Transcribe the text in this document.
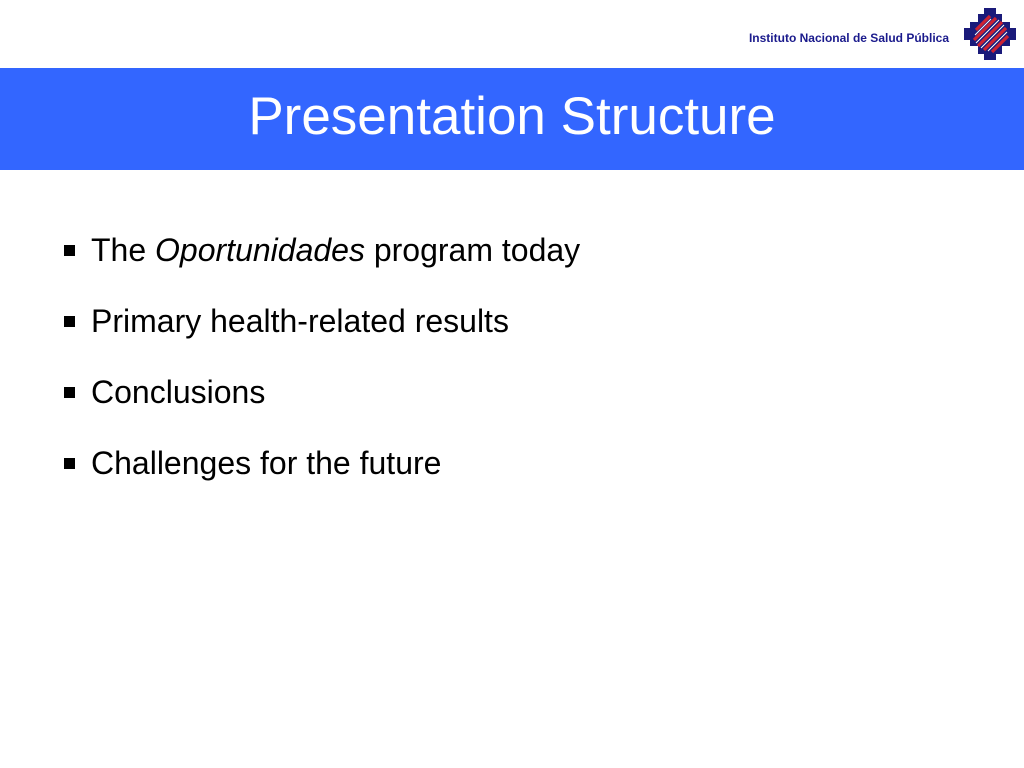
Instituto Nacional de Salud Pública
Presentation Structure
The Oportunidades program today
Primary health-related results
Conclusions
Challenges for the future
